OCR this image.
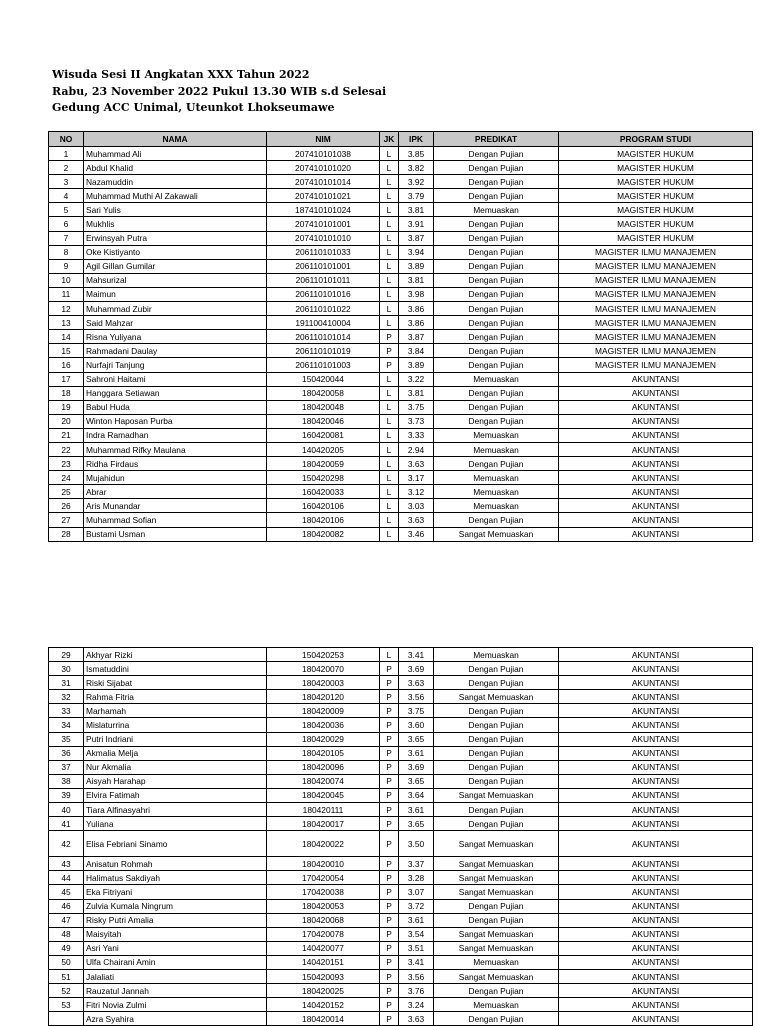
Wisuda Sesi II Angkatan XXX Tahun 2022
Rabu, 23 November 2022 Pukul 13.30 WIB s.d Selesai
Gedung ACC Unimal, Uteunkot Lhokseumawe
NO	NAMA	NIM	JK	IPK	PREDIKAT	PROGRAM STUDI
1	Muhammad Ali	207410101038	L	3.85	Dengan Pujian	MAGISTER HUKUM
2	Abdul Khalid	207410101020	L	3.82	Dengan Pujian	MAGISTER HUKUM
3	Nazamuddin	207410101014	L	3.92	Dengan Pujian	MAGISTER HUKUM
4	Muhammad Muthi Al Zakawali	207410101021	L	3.79	Dengan Pujian	MAGISTER HUKUM
5	Sari Yulis	187410101024	L	3.81	Memuaskan	MAGISTER HUKUM
6	Mukhlis	207410101001	L	3.91	Dengan Pujian	MAGISTER HUKUM
7	Erwinsyah Putra	207410101010	L	3.87	Dengan Pujian	MAGISTER HUKUM
8	Oke Kistiyanto	206110101033	L	3.94	Dengan Pujian	MAGISTER ILMU MANAJEMEN
9	Agil Gillan Gumilar	206110101001	L	3.89	Dengan Pujian	MAGISTER ILMU MANAJEMEN
10	Mahsurizal	206110101011	L	3.81	Dengan Pujian	MAGISTER ILMU MANAJEMEN
11	Maimun	206110101016	L	3.98	Dengan Pujian	MAGISTER ILMU MANAJEMEN
12	Muhammad Zubir	206110101022	L	3.86	Dengan Pujian	MAGISTER ILMU MANAJEMEN
13	Said Mahzar	191100410004	L	3.86	Dengan Pujian	MAGISTER ILMU MANAJEMEN
14	Risna Yuliyana	206110101014	P	3.87	Dengan Pujian	MAGISTER ILMU MANAJEMEN
15	Rahmadani Daulay	206110101019	P	3.84	Dengan Pujian	MAGISTER ILMU MANAJEMEN
16	Nurfajri Tanjung	206110101003	P	3.89	Dengan Pujian	MAGISTER ILMU MANAJEMEN
17	Sahroni Haitami	150420044	L	3.22	Memuaskan	AKUNTANSI
18	Hanggara Setiawan	180420058	L	3.81	Dengan Pujian	AKUNTANSI
19	Babul Huda	180420048	L	3.75	Dengan Pujian	AKUNTANSI
20	Winton Haposan Purba	180420046	L	3.73	Dengan Pujian	AKUNTANSI
21	Indra Ramadhan	160420081	L	3.33	Memuaskan	AKUNTANSI
22	Muhammad Rifky Maulana	140420205	L	2.94	Memuaskan	AKUNTANSI
23	Ridha Firdaus	180420059	L	3.63	Dengan Pujian	AKUNTANSI
24	Mujahidun	150420298	L	3.17	Memuaskan	AKUNTANSI
25	Abrar	160420033	L	3.12	Memuaskan	AKUNTANSI
26	Aris Munandar	160420106	L	3.03	Memuaskan	AKUNTANSI
27	Muhammad Sofian	180420106	L	3.63	Dengan Pujian	AKUNTANSI
28	Bustami Usman	180420082	L	3.46	Sangat Memuaskan	AKUNTANSI
29	Akhyar Rizki	150420253	L	3.41	Memuaskan	AKUNTANSI
30	Ismatuddini	180420070	P	3.69	Dengan Pujian	AKUNTANSI
31	Riski Sijabat	180420003	P	3.63	Dengan Pujian	AKUNTANSI
32	Rahma Fitria	180420120	P	3.56	Sangat Memuaskan	AKUNTANSI
33	Marhamah	180420009	P	3.75	Dengan Pujian	AKUNTANSI
34	Mislaturrina	180420036	P	3.60	Dengan Pujian	AKUNTANSI
35	Putri Indriani	180420029	P	3.65	Dengan Pujian	AKUNTANSI
36	Akmalia Melja	180420105	P	3.61	Dengan Pujian	AKUNTANSI
37	Nur Akmalia	180420096	P	3.69	Dengan Pujian	AKUNTANSI
38	Aisyah Harahap	180420074	P	3.65	Dengan Pujian	AKUNTANSI
39	Elvira Fatimah	180420045	P	3.64	Sangat Memuaskan	AKUNTANSI
40	Tiara Alfinasyahri	180420111	P	3.61	Dengan Pujian	AKUNTANSI
41	Yuliana	180420017	P	3.65	Dengan Pujian	AKUNTANSI
42	Elisa Febriani Sinamo	180420022	P	3.50	Sangat Memuaskan	AKUNTANSI
43	Anisatun Rohmah	180420010	P	3.37	Sangat Memuaskan	AKUNTANSI
44	Halimatus Sakdiyah	170420054	P	3.28	Sangat Memuaskan	AKUNTANSI
45	Eka Fitriyani	170420038	P	3.07	Sangat Memuaskan	AKUNTANSI
46	Zulvia Kumala Ningrum	180420053	P	3.72	Dengan Pujian	AKUNTANSI
47	Risky Putri Amalia	180420068	P	3.61	Dengan Pujian	AKUNTANSI
48	Maisyitah	170420078	P	3.54	Sangat Memuaskan	AKUNTANSI
49	Asri Yani	140420077	P	3.51	Sangat Memuaskan	AKUNTANSI
50	Ulfa Chairani Amin	140420151	P	3.41	Memuaskan	AKUNTANSI
51	Jalaliati	150420093	P	3.56	Sangat Memuaskan	AKUNTANSI
52	Rauzatul Jannah	180420025	P	3.76	Dengan Pujian	AKUNTANSI
53	Fitri Novia Zulmi	140420152	P	3.24	Memuaskan	AKUNTANSI
	Azra Syahira	180420014	P	3.63	Dengan Pujian	AKUNTANSI
